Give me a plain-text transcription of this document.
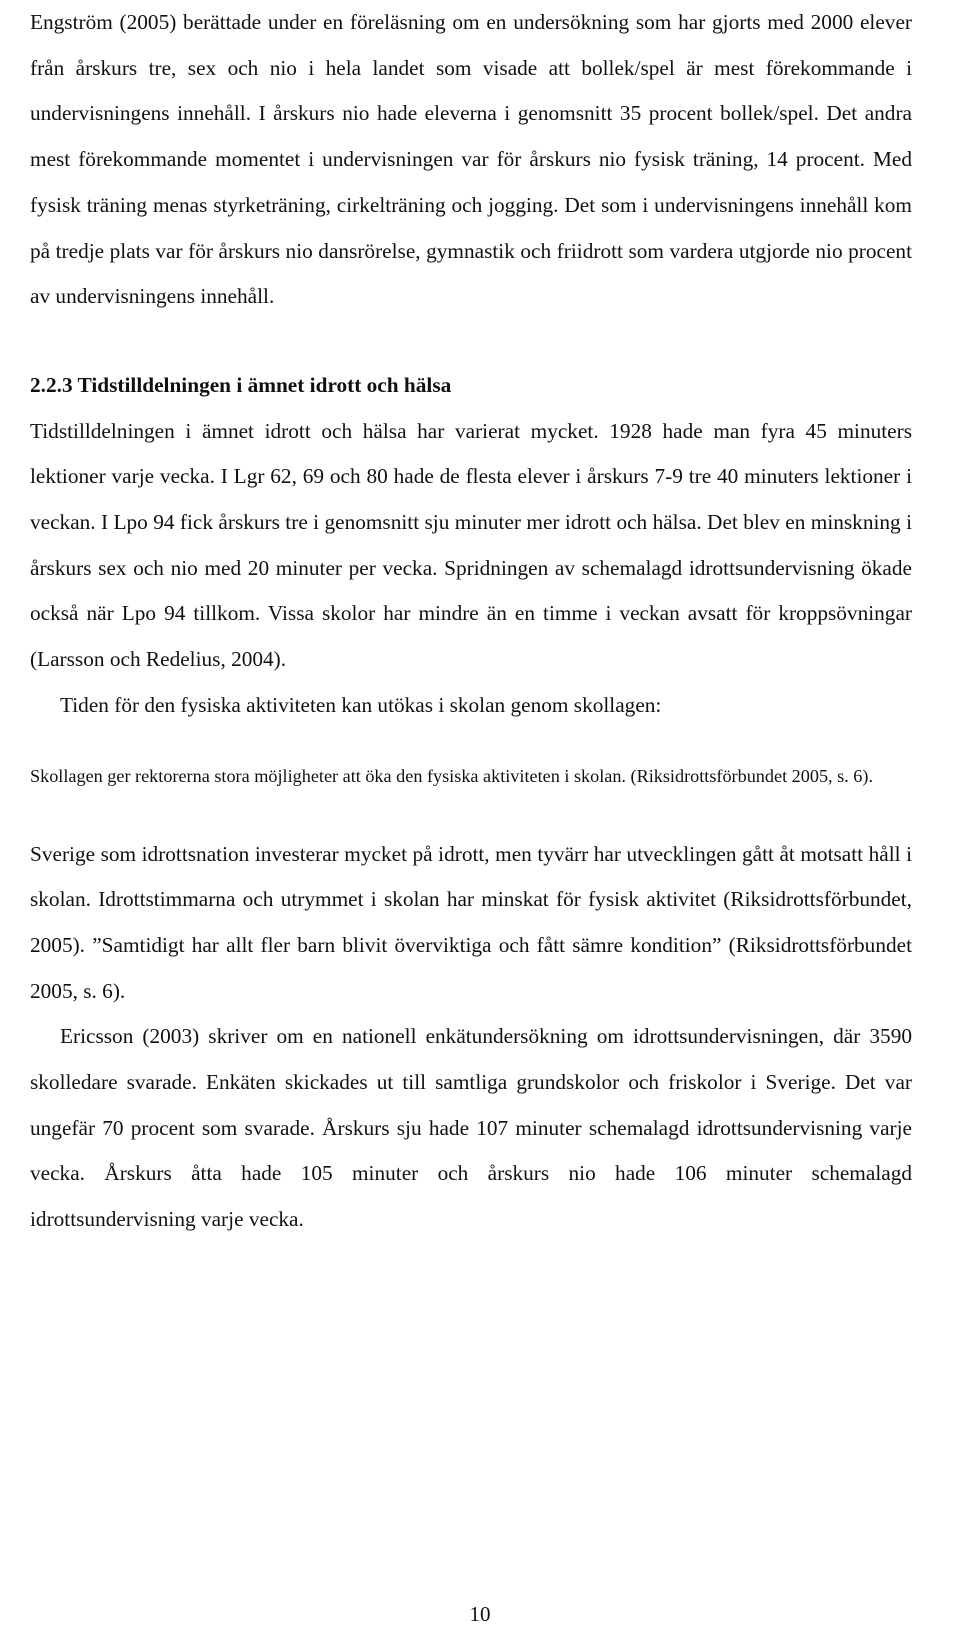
Engström (2005) berättade under en föreläsning om en undersökning som har gjorts med 2000 elever från årskurs tre, sex och nio i hela landet som visade att bollek/spel är mest förekommande i undervisningens innehåll. I årskurs nio hade eleverna i genomsnitt 35 procent bollek/spel. Det andra mest förekommande momentet i undervisningen var för årskurs nio fysisk träning, 14 procent. Med fysisk träning menas styrketräning, cirkelträning och jogging. Det som i undervisningens innehåll kom på tredje plats var för årskurs nio dansrörelse, gymnastik och friidrott som vardera utgjorde nio procent av undervisningens innehåll.

2.2.3 Tidstilldelningen i ämnet idrott och hälsa

Tidstilldelningen i ämnet idrott och hälsa har varierat mycket. 1928 hade man fyra 45 minuters lektioner varje vecka. I Lgr 62, 69 och 80 hade de flesta elever i årskurs 7-9 tre 40 minuters lektioner i veckan. I Lpo 94 fick årskurs tre i genomsnitt sju minuter mer idrott och hälsa. Det blev en minskning i årskurs sex och nio med 20 minuter per vecka. Spridningen av schemalagd idrottsundervisning ökade också när Lpo 94 tillkom. Vissa skolor har mindre än en timme i veckan avsatt för kroppsövningar (Larsson och Redelius, 2004).

Tiden för den fysiska aktiviteten kan utökas i skolan genom skollagen:

Skollagen ger rektorerna stora möjligheter att öka den fysiska aktiviteten i skolan. (Riksidrottsförbundet 2005, s. 6).

Sverige som idrottsnation investerar mycket på idrott, men tyvärr har utvecklingen gått åt motsatt håll i skolan. Idrottstimmarna och utrymmet i skolan har minskat för fysisk aktivitet (Riksidrottsförbundet, 2005). ”Samtidigt har allt fler barn blivit överviktiga och fått sämre kondition” (Riksidrottsförbundet 2005, s. 6).

Ericsson (2003) skriver om en nationell enkätundersökning om idrottsundervisningen, där 3590 skolledare svarade. Enkäten skickades ut till samtliga grundskolor och friskolor i Sverige. Det var ungefär 70 procent som svarade. Årskurs sju hade 107 minuter schemalagd idrottsundervisning varje vecka. Årskurs åtta hade 105 minuter och årskurs nio hade 106 minuter schemalagd idrottsundervisning varje vecka.

10
